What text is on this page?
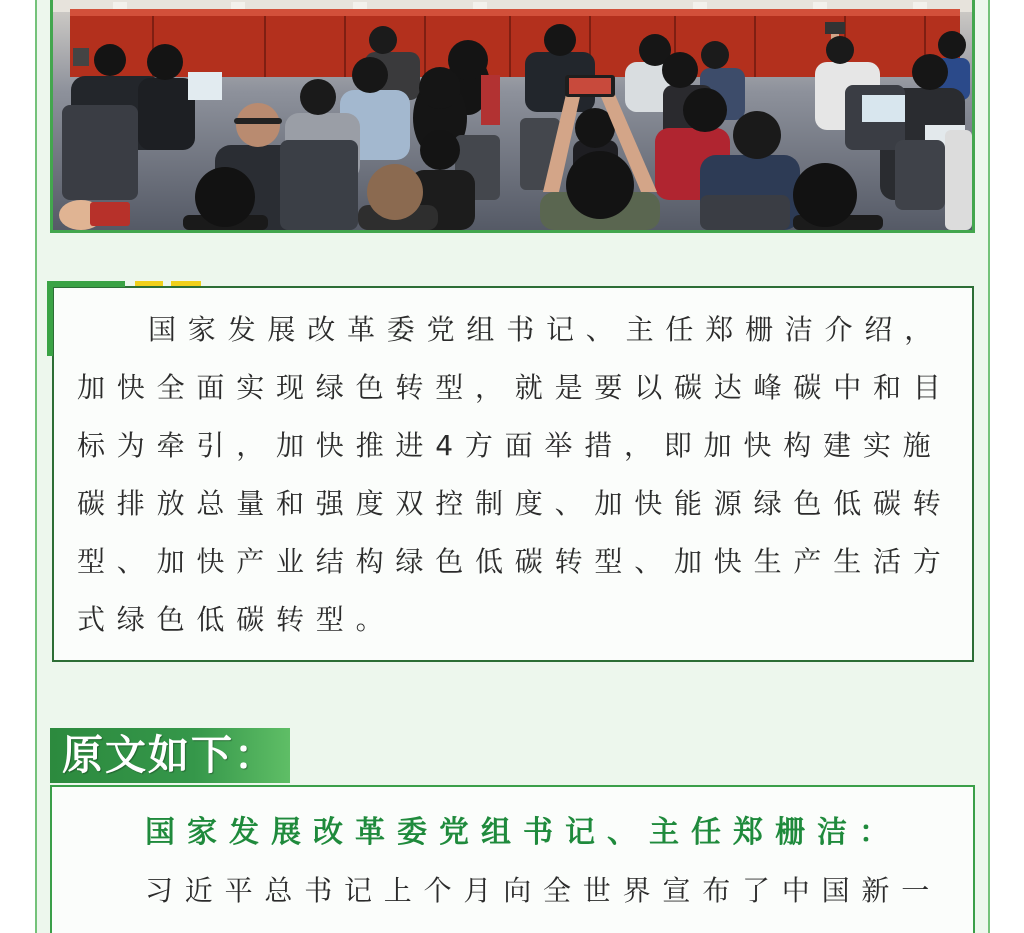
国家发展改革委党组书记、主任郑栅洁介绍，
加快全面实现绿色转型，就是要以碳达峰碳中和目
标为牵引，加快推进4方面举措，即加快构建实施
碳排放总量和强度双控制度、加快能源绿色低碳转
型、加快产业结构绿色低碳转型、加快生产生活方
式绿色低碳转型。
原文如下：
国家发展改革委党组书记、主任郑栅洁：
习近平总书记上个月向全世界宣布了中国新一
